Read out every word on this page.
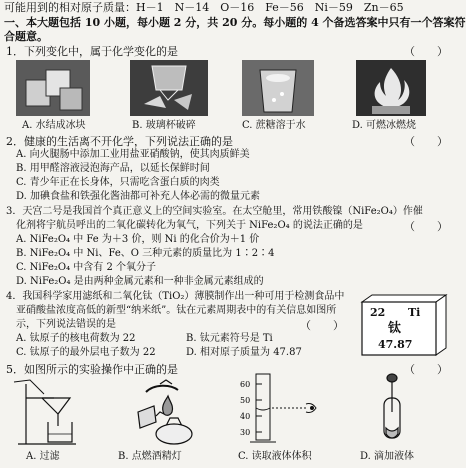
可能用到的相对原子质量：H－1　N－14　O－16　Fe－56　Ni－59　Zn－65
一、本大题包括 10 小题，每小题 2 分，共 20 分。每小题的 4 个备选答案中只有一个答案符
合题意。
1．下列变化中，属于化学变化的是	（　　）
A. 水结成冰块	B. 玻璃杯破碎	C. 蔗糖溶于水	D. 可燃冰燃烧
2．健康的生活离不开化学，下列说法正确的是	（　　）
A. 向火腿肠中添加工业用盐亚硝酸钠，使其肉质鲜美
B. 用甲醛溶液浸泡海产品，以延长保鲜时间
C. 青少年正在长身体，只需吃含蛋白质的肉类
D. 加碘食盐和铁强化酱油都可补充人体必需的微量元素
3．天宫二号是我国首个真正意义上的空间实验室。在太空舱里，常用铁酸镍（NiFe₂O₄）作催
化剂将宇航员呼出的二氧化碳转化为氧气，下列关于 NiFe₂O₄ 的说法正确的是	（　　）
A. NiFe₂O₄ 中 Fe 为＋3 价，则 Ni 的化合价为＋1 价
B. NiFe₂O₄ 中 Ni、Fe、O 三种元素的质量比为 1∶2∶4
C. NiFe₂O₄ 中含有 2 个氧分子
D. NiFe₂O₄ 是由两种金属元素和一种非金属元素组成的
4．我国科学家用滤纸和二氧化钛（TiO₂）薄膜制作出一种可用于检测食品中
亚硝酸盐浓度高低的新型“纳米纸”。钛在元素周期表中的有关信息如图所
示，下列说法错误的是	（　　）
A. 钛原子的核电荷数为 22	B. 钛元素符号是 Ti
C. 钛原子的最外层电子数为 22	D. 相对原子质量为 47.87
22 Ti
钛
47.87
5．如图所示的实验操作中正确的是	（　　）
60
50
40
30
A. 过滤	B. 点燃酒精灯	C. 读取液体体积	D. 滴加液体
